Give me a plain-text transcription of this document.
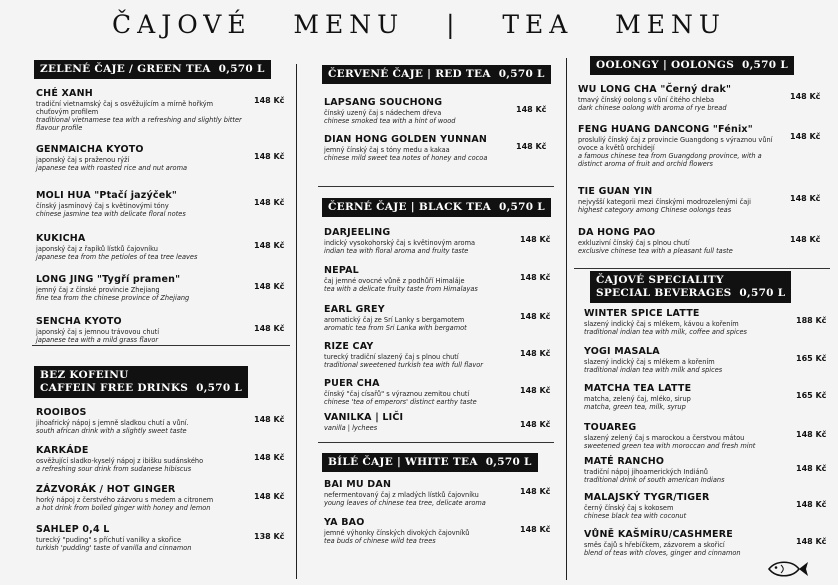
ČAJOVÉ   MENU   |   TEA   MENU
ZELENÉ ČAJE / GREEN TEA  0,570 L
BEZ KOFEINU
CAFFEIN FREE DRINKS  0,570 L
ČERVENÉ ČAJE | RED TEA  0,570 L
ČERNÉ ČAJE | BLACK TEA  0,570 L
BÍLÉ ČAJE | WHITE TEA  0,570 L
OOLONGY | OOLONGS  0,570 L
ČAJOVÉ SPECIALITY
SPECIAL BEVERAGES  0,570 L
CHÉ XANH
tradiční vietnamský čaj s osvěžujícím a mírně hořkým chuťovým profilem
traditional vietnamese tea with a refreshing and slightly bitter flavour profile
148 Kč
GENMAICHA KYOTO
japonský čaj s praženou rýží
japanese tea with roasted rice and nut aroma
148 Kč
MOLI HUA "Ptačí jazýček"
čínský jasmínový čaj s květinovými tóny
chinese jasmine tea with delicate floral notes
148 Kč
KUKICHA
japonský čaj z řapíků lístků čajovníku
japanese tea from the petioles of tea tree leaves
148 Kč
LONG JING "Tygří pramen"
jemný čaj z čínské provincie Zhejiang
fine tea from the chinese province of Zhejiang
148 Kč
SENCHA KYOTO
japonský čaj s jemnou trávovou chutí
japanese tea with a mild grass flavor
148 Kč
ROOIBOS
jihoafrický nápoj s jemně sladkou chutí a vůní.
south african drink with a slightly sweet taste
148 Kč
KARKÁDE
osvěžující sladko-kyselý nápoj z ibišku sudánského
a refreshing sour drink from sudanese hibiscus
148 Kč
ZÁZVORÁK / HOT GINGER
horký nápoj z čerstvého zázvoru s medem a citronem
a hot drink from boiled ginger with honey and lemon
148 Kč
SAHLEP 0,4 L
turecký "puding" s příchutí vanilky a skořice
turkish 'pudding' taste of vanilla and cinnamon
138 Kč
LAPSANG SOUCHONG
čínský uzený čaj s nádechem dřeva
chinese smoked tea with a hint of wood
148 Kč
DIAN HONG GOLDEN YUNNAN
jemný čínský čaj s tóny medu a kakaa
chinese mild sweet tea notes of honey and cocoa
148 Kč
DARJEELING
indický vysokohorský čaj s květinovým aroma
indian tea with floral aroma and fruity taste
148 Kč
NEPAL
čaj jemné ovocné vůně z podhůří Himaláje
tea with a delicate fruity taste from Himalayas
148 Kč
EARL GREY
aromatický čaj ze Srí Lanky s bergamotem
aromatic tea from Sri Lanka with bergamot
148 Kč
RIZE CAY
turecký tradiční slazený čaj s plnou chutí
traditional sweetened turkish tea with full flavor
148 Kč
PUER CHA
čínský "čaj císařů" s výraznou zemitou chutí
chinese 'tea of emperors' distinct earthy taste
148 Kč
VANILKA | LIČI
vanilla | lychees	148 Kč
BAI MU DAN
nefermentovaný čaj z mladých lístků čajovníku
young leaves of chinese tea tree, delicate aroma
148 Kč
YA BAO
jemné výhonky čínských divokých čajovníků
tea buds of chinese wild tea trees
148 Kč
WU LONG CHA "Černý drak"
tmavý čínský oolong s vůní čitého chleba
dark chinese oolong with aroma of rye bread
148 Kč
FENG HUANG DANCONG "Fénix"
prosluliý čínský čaj z provincie Guangdong s výraznou vůní ovoce a květů orchidejí
a famous chinese tea from Guangdong province, with a distinct aroma of fruit and orchid flowers
148 Kč
TIE GUAN YIN
nejvyšší kategorii mezi čínskými modrozelenými čaji
highest category among Chinese oolongs teas
148 Kč
DA HONG PAO
exkluzivní čínský čaj s plnou chutí
exclusive chinese tea with a pleasant full taste
148 Kč
WINTER SPICE LATTE
slazený indický čaj s mlékem, kávou a kořením
traditional indian tea with milk, coffee and spices
188 Kč
YOGI MASALA
slazený indický čaj s mlékem a kořením
traditional indian tea with milk and spices
165 Kč
MATCHA TEA LATTE
matcha, zelený čaj, mléko, sirup
matcha, green tea, milk, syrup
165 Kč
TOUAREG
slazený zelený čaj s marockou a čerstvou mátou
sweetened green tea with moroccan and fresh mint
148 Kč
MATÉ RANCHO
tradiční nápoj jihoamerických Indiánů
traditional drink of south american Indians
148 Kč
MALAJSKÝ TYGR/TIGER
černý čínský čaj s kokosem
chinese black tea with coconut
148 Kč
VŮNĚ KAŠMÍRU/CASHMERE
směs čajů s hřebíčkem, zázvorem a skořicí
blend of teas with cloves, ginger and cinnamon
148 Kč
